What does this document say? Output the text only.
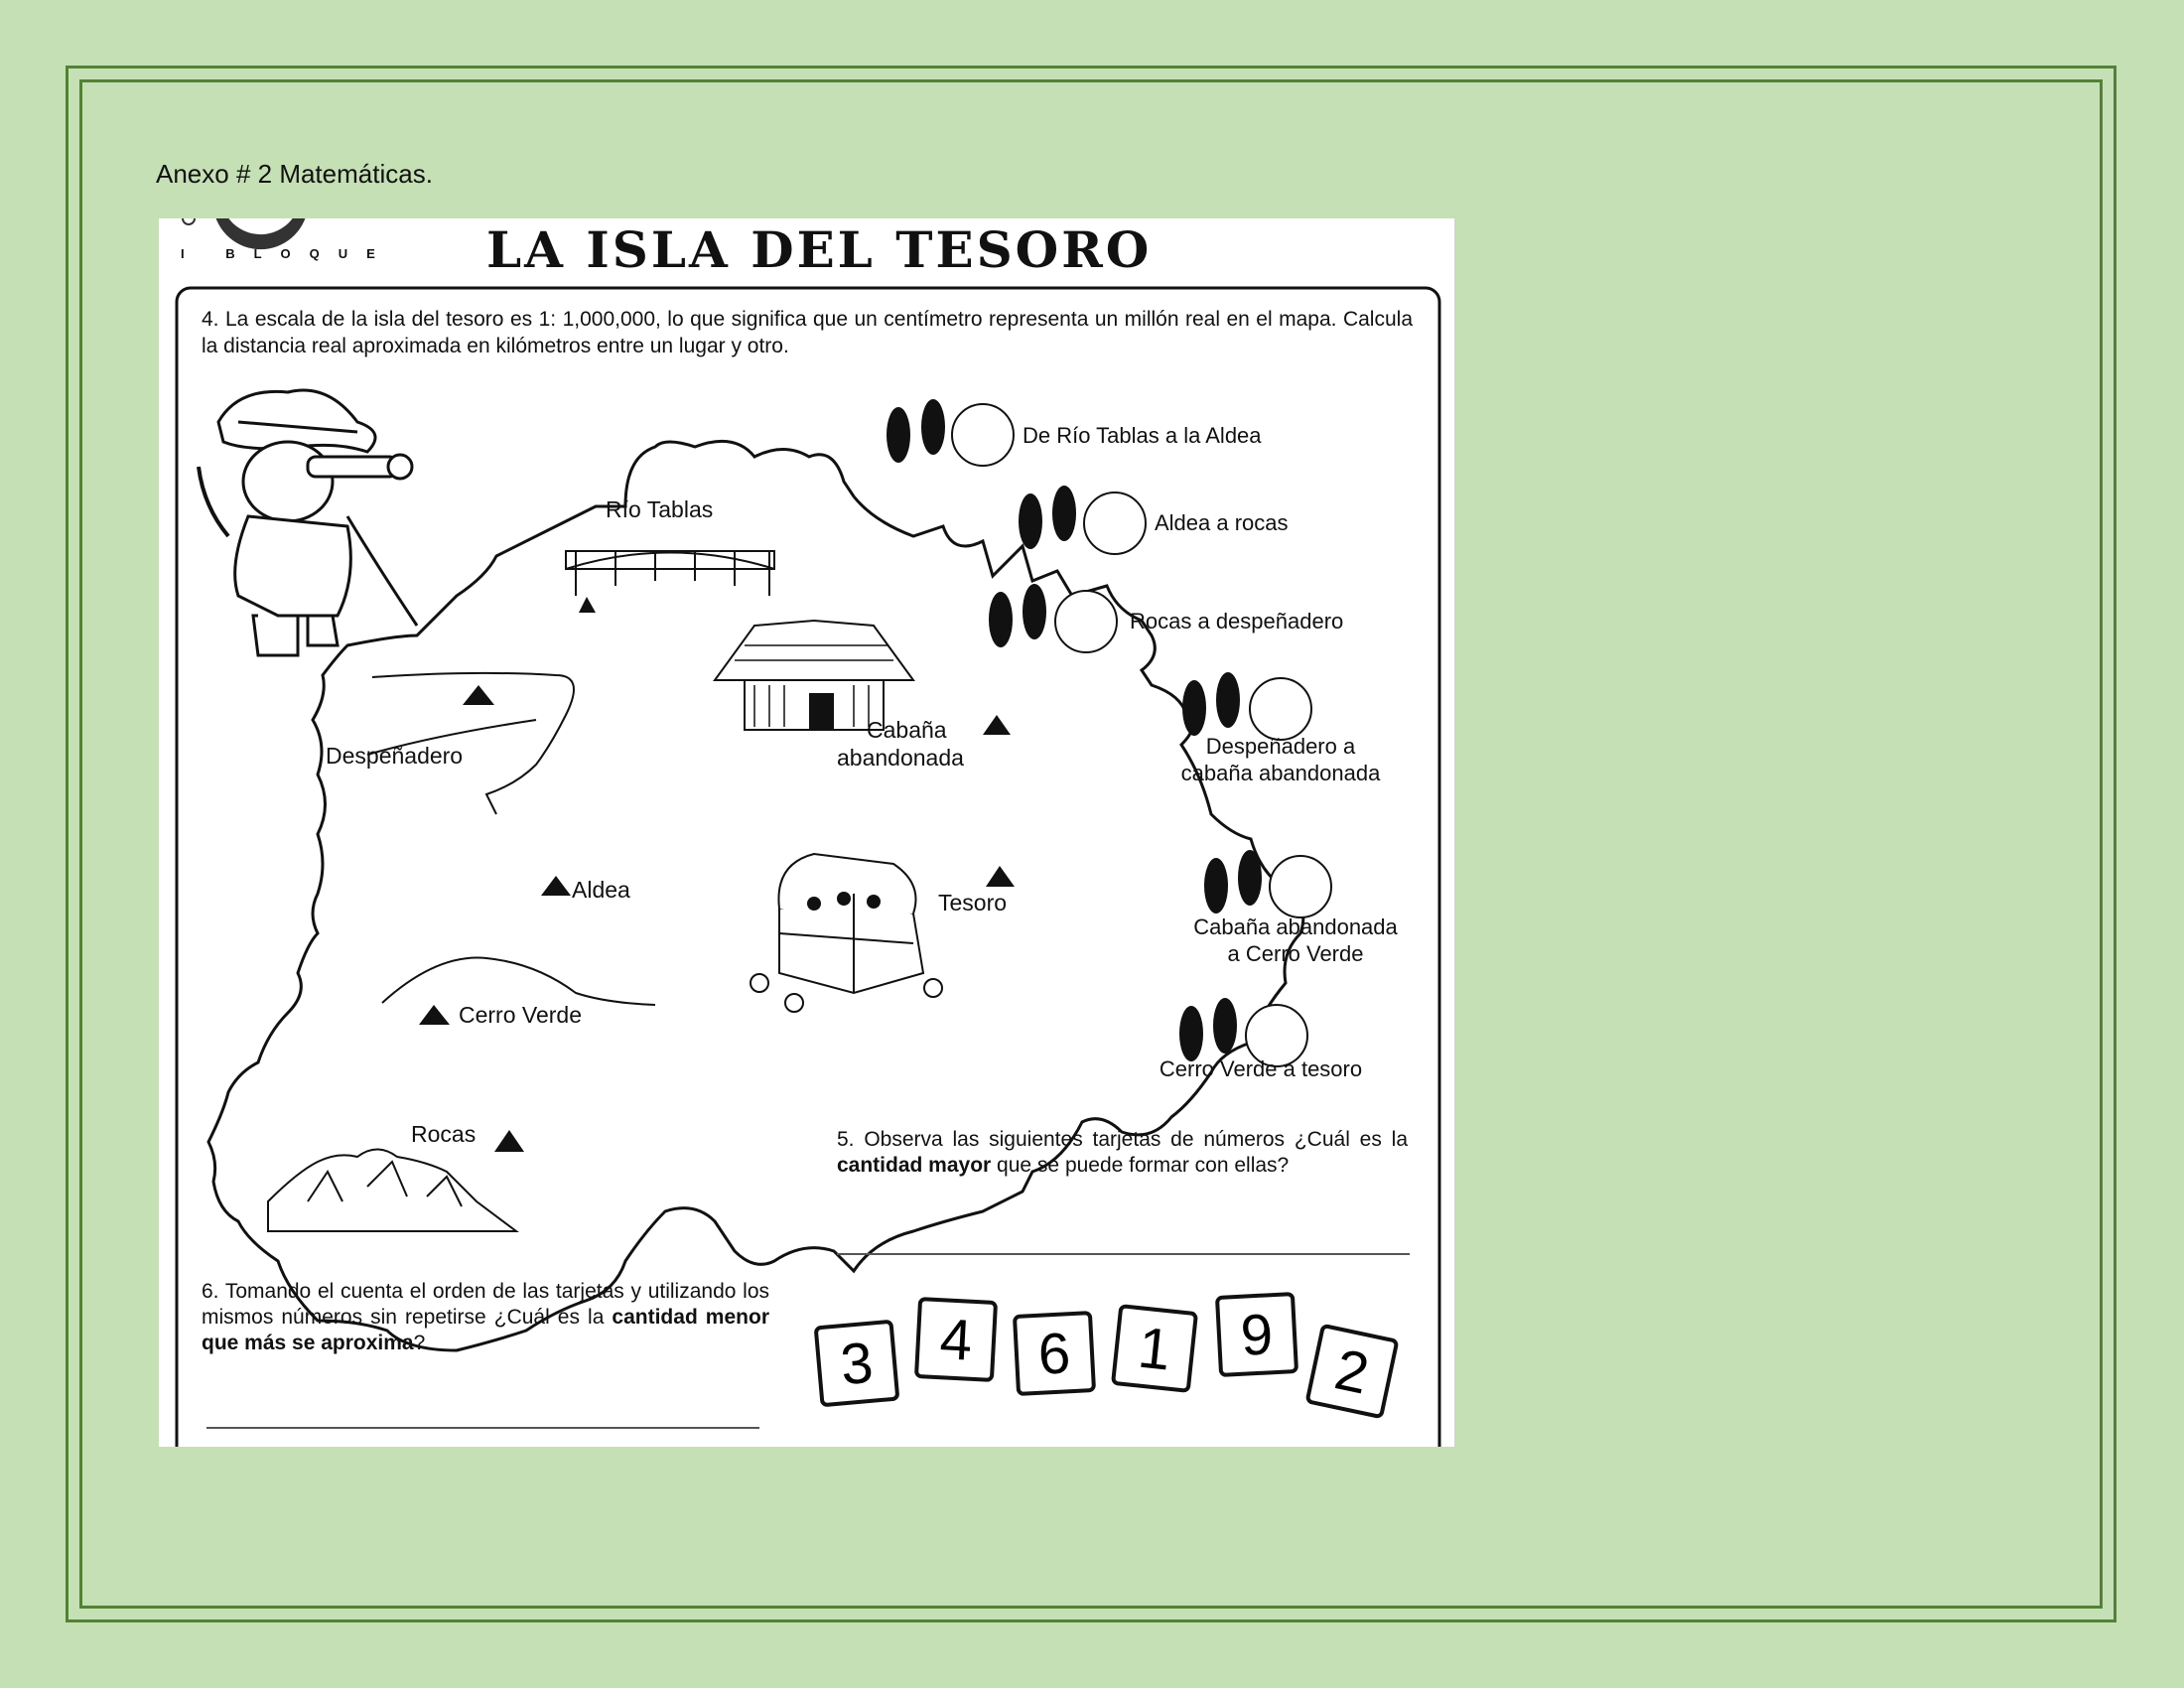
Anexo # 2 Matemáticas.
I BLOQUE LA ISLA DEL TESORO
4. La escala de la isla del tesoro es 1: 1,000,000, lo que significa que un centímetro representa un millón real en el mapa. Calcula la distancia real aproximada en kilómetros entre un lugar y otro.
Río Tablas
Despeñadero
Cabaña
abandonada
Aldea	Tesoro
Cerro Verde
Rocas
De Río Tablas a la Aldea
Aldea a rocas
Rocas a despeñadero
Despeñadero a
cabaña abandonada
Cabaña abandonada
a Cerro Verde
Cerro Verde a tesoro
5. Observa las siguientes tarjetas de números ¿Cuál es la cantidad mayor que se puede formar con ellas?
6. Tomando el cuenta el orden de las tarjetas y utilizando los mismos números sin repetirse ¿Cuál es la cantidad menor que más se aproxima?	3 4 6 1 9
2
